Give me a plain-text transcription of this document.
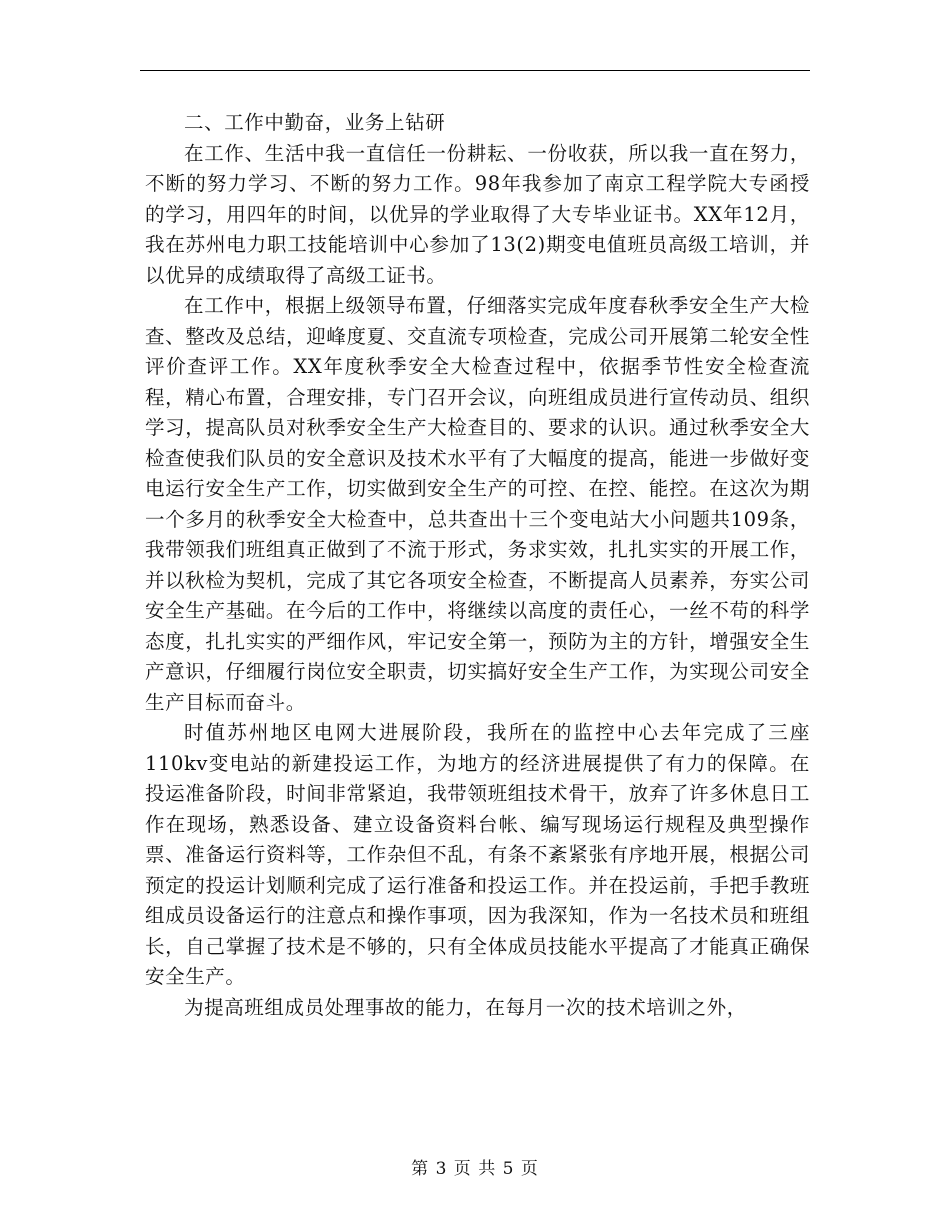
二、工作中勤奋，业务上钻研

在工作、生活中我一直信任一份耕耘、一份收获，所以我一直在努力，不断的努力学习、不断的努力工作。98年我参加了南京工程学院大专函授的学习，用四年的时间，以优异的学业取得了大专毕业证书。XX年12月，我在苏州电力职工技能培训中心参加了13(2)期变电值班员高级工培训，并以优异的成绩取得了高级工证书。

在工作中，根据上级领导布置，仔细落实完成年度春秋季安全生产大检查、整改及总结，迎峰度夏、交直流专项检查，完成公司开展第二轮安全性评价查评工作。XX年度秋季安全大检查过程中，依据季节性安全检查流程，精心布置，合理安排，专门召开会议，向班组成员进行宣传动员、组织学习，提高队员对秋季安全生产大检查目的、要求的认识。通过秋季安全大检查使我们队员的安全意识及技术水平有了大幅度的提高，能进一步做好变电运行安全生产工作，切实做到安全生产的可控、在控、能控。在这次为期一个多月的秋季安全大检查中，总共查出十三个变电站大小问题共109条，我带领我们班组真正做到了不流于形式，务求实效，扎扎实实的开展工作，并以秋检为契机，完成了其它各项安全检查，不断提高人员素养，夯实公司安全生产基础。在今后的工作中，将继续以高度的责任心，一丝不苟的科学态度，扎扎实实的严细作风，牢记安全第一，预防为主的方针，增强安全生产意识，仔细履行岗位安全职责，切实搞好安全生产工作，为实现公司安全生产目标而奋斗。

时值苏州地区电网大进展阶段，我所在的监控中心去年完成了三座110kv变电站的新建投运工作，为地方的经济进展提供了有力的保障。在投运准备阶段，时间非常紧迫，我带领班组技术骨干，放弃了许多休息日工作在现场，熟悉设备、建立设备资料台帐、编写现场运行规程及典型操作票、准备运行资料等，工作杂但不乱，有条不紊紧张有序地开展，根据公司预定的投运计划顺利完成了运行准备和投运工作。并在投运前，手把手教班组成员设备运行的注意点和操作事项，因为我深知，作为一名技术员和班组长，自己掌握了技术是不够的，只有全体成员技能水平提高了才能真正确保安全生产。

为提高班组成员处理事故的能力，在每月一次的技术培训之外，

第 3 页 共 5 页
